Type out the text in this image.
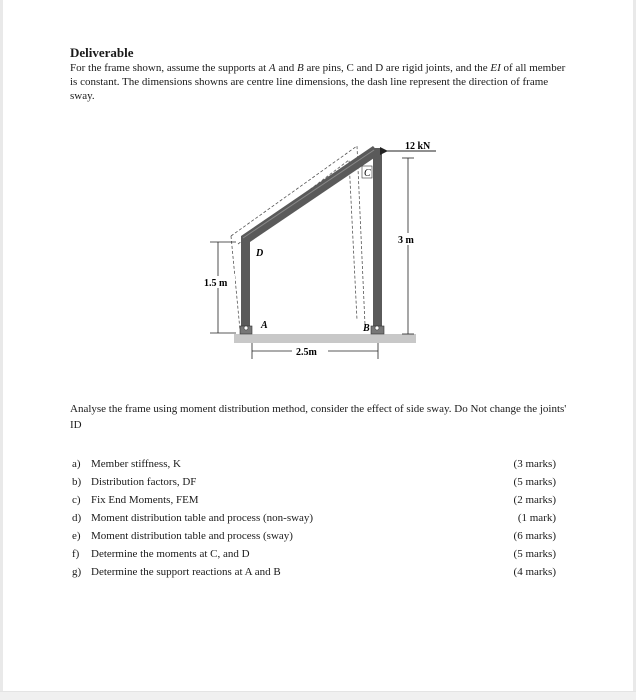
Deliverable
For the frame shown, assume the supports at A and B are pins, C and D are rigid joints, and the EI of all member is constant. The dimensions showns are centre line dimensions, the dash line represent the direction of frame sway.
C
D
A	B
12 kN
3 m
1.5 m
2.5m
Analyse the frame using moment distribution method, consider the effect of side sway. Do Not change the joints' ID
a) Member stiffness, K	(3 marks)
b) Distribution factors, DF	(5 marks)
c) Fix End Moments, FEM	(2 marks)
d) Moment distribution table and process (non-sway)	(1 mark)
e) Moment distribution table and process (sway)	(6 marks)
f) Determine the moments at C, and D	(5 marks)
g) Determine the support reactions at A and B	(4 marks)
